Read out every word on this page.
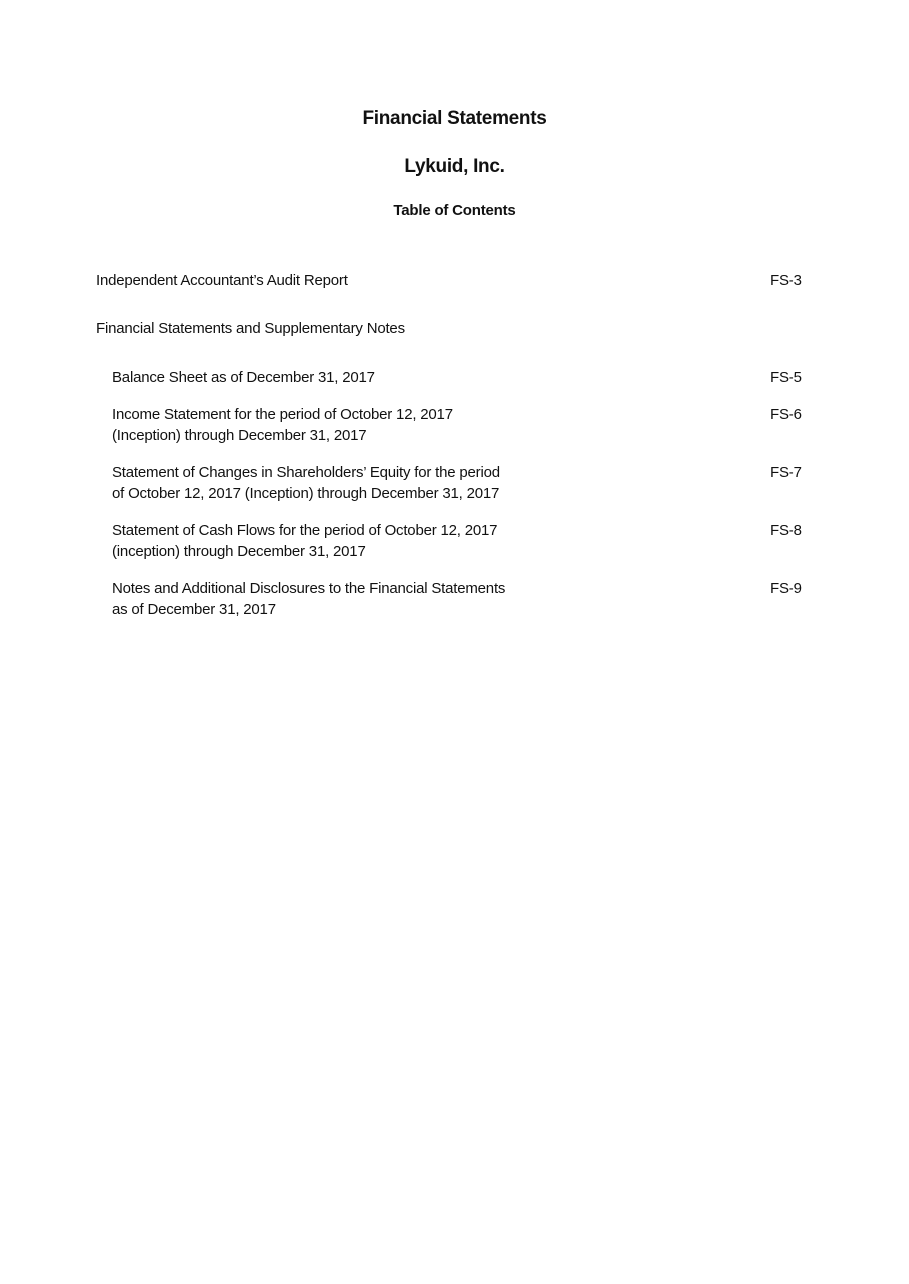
Financial Statements
Lykuid, Inc.
Table of Contents
Independent Accountant’s Audit Report	FS-3
Financial Statements and Supplementary Notes
Balance Sheet as of December 31, 2017	FS-5
Income Statement for the period of October 12, 2017
(Inception) through December 31, 2017
FS-6
Statement of Changes in Shareholders’ Equity for the period
of October 12, 2017 (Inception) through December 31, 2017
FS-7
Statement of Cash Flows for the period of October 12, 2017
(inception) through December 31, 2017
FS-8
Notes and Additional Disclosures to the Financial Statements
as of December 31, 2017
FS-9
